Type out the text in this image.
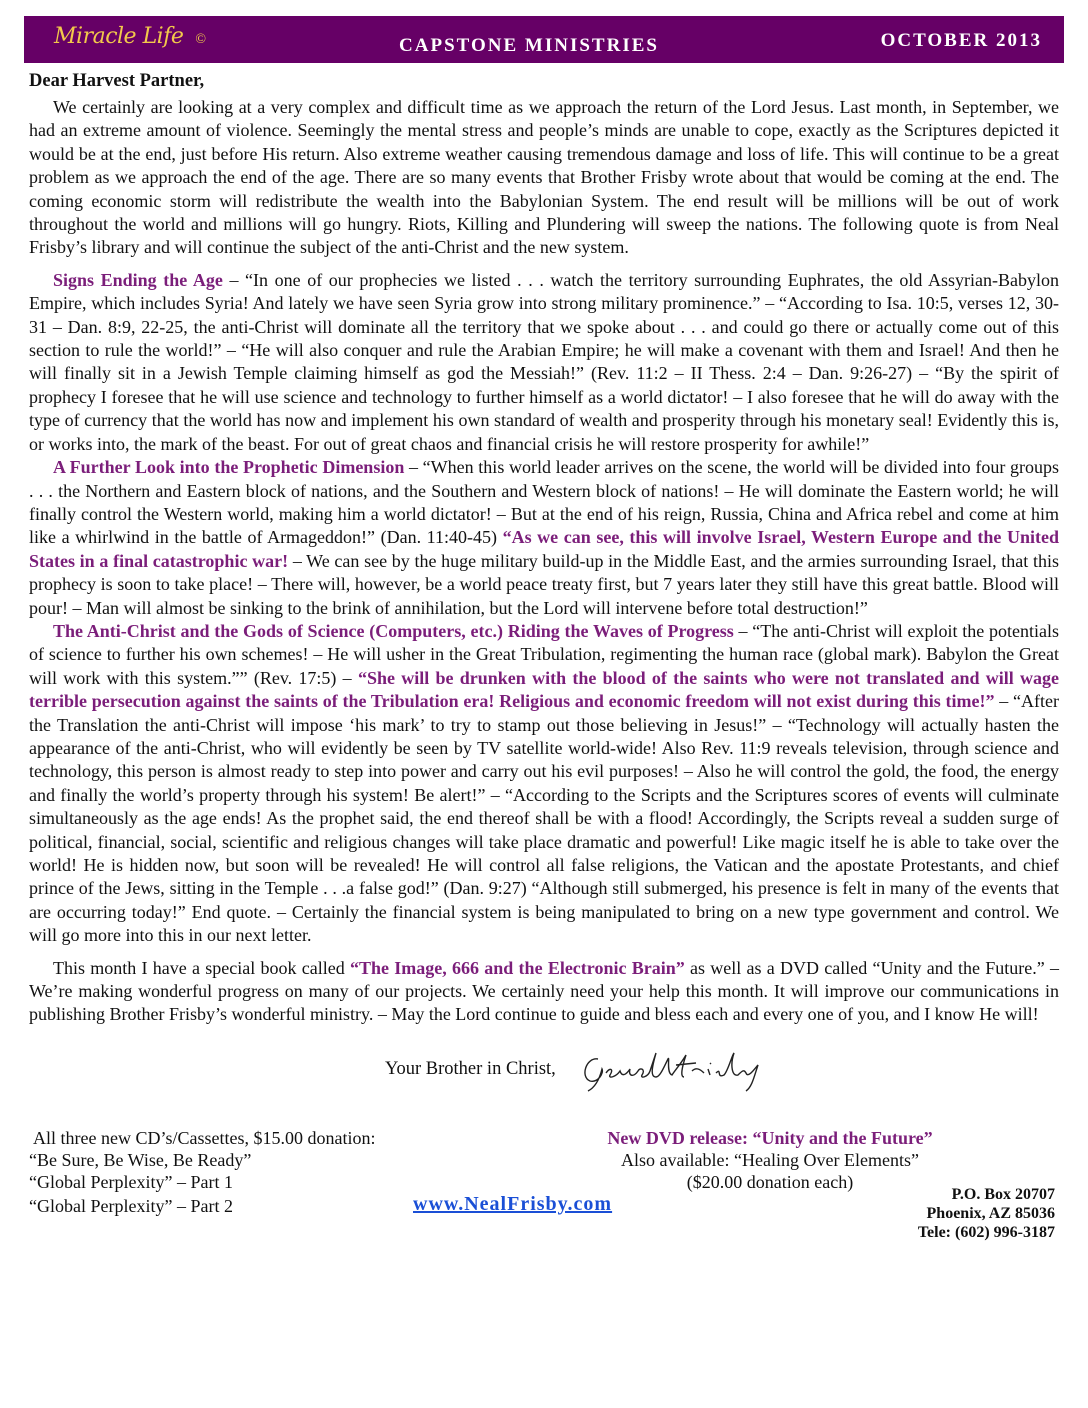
Miracle Life ©	CAPSTONE MINISTRIES	OCTOBER 2013
Dear Harvest Partner,

We certainly are looking at a very complex and difficult time as we approach the return of the Lord Jesus. Last month, in September, we had an extreme amount of violence. Seemingly the mental stress and people’s minds are unable to cope, exactly as the Scriptures depicted it would be at the end, just before His return. Also extreme weather causing tremendous damage and loss of life. This will continue to be a great problem as we approach the end of the age. There are so many events that Brother Frisby wrote about that would be coming at the end. The coming economic storm will redistribute the wealth into the Babylonian System. The end result will be millions will be out of work throughout the world and millions will go hungry. Riots, Killing and Plundering will sweep the nations. The following quote is from Neal Frisby’s library and will continue the subject of the anti-Christ and the new system.

Signs Ending the Age – “In one of our prophecies we listed . . . watch the territory surrounding Euphrates, the old Assyrian-Babylon Empire, which includes Syria! And lately we have seen Syria grow into strong military prominence.” – “According to Isa. 10:5, verses 12, 30-31 – Dan. 8:9, 22-25, the anti-Christ will dominate all the territory that we spoke about . . . and could go there or actually come out of this section to rule the world!” – “He will also conquer and rule the Arabian Empire; he will make a covenant with them and Israel! And then he will finally sit in a Jewish Temple claiming himself as god the Messiah!” (Rev. 11:2 – II Thess. 2:4 – Dan. 9:26-27) – “By the spirit of prophecy I foresee that he will use science and technology to further himself as a world dictator! – I also foresee that he will do away with the type of currency that the world has now and implement his own standard of wealth and prosperity through his monetary seal! Evidently this is, or works into, the mark of the beast. For out of great chaos and financial crisis he will restore prosperity for awhile!”

A Further Look into the Prophetic Dimension – “When this world leader arrives on the scene, the world will be divided into four groups . . . the Northern and Eastern block of nations, and the Southern and Western block of nations! – He will dominate the Eastern world; he will finally control the Western world, making him a world dictator! – But at the end of his reign, Russia, China and Africa rebel and come at him like a whirlwind in the battle of Armageddon!” (Dan. 11:40-45) “As we can see, this will involve Israel, Western Europe and the United States in a final catastrophic war! – We can see by the huge military build-up in the Middle East, and the armies surrounding Israel, that this prophecy is soon to take place! – There will, however, be a world peace treaty first, but 7 years later they still have this great battle. Blood will pour! – Man will almost be sinking to the brink of annihilation, but the Lord will intervene before total destruction!”

The Anti-Christ and the Gods of Science (Computers, etc.) Riding the Waves of Progress – “The anti-Christ will exploit the potentials of science to further his own schemes! – He will usher in the Great Tribulation, regimenting the human race (global mark). Babylon the Great will work with this system.”” (Rev. 17:5) – “She will be drunken with the blood of the saints who were not translated and will wage terrible persecution against the saints of the Tribulation era! Religious and economic freedom will not exist during this time!” – “After the Translation the anti-Christ will impose ‘his mark’ to try to stamp out those believing in Jesus!” – “Technology will actually hasten the appearance of the anti-Christ, who will evidently be seen by TV satellite world-wide! Also Rev. 11:9 reveals television, through science and technology, this person is almost ready to step into power and carry out his evil purposes! – Also he will control the gold, the food, the energy and finally the world’s property through his system! Be alert!” – “According to the Scripts and the Scriptures scores of events will culminate simultaneously as the age ends! As the prophet said, the end thereof shall be with a flood! Accordingly, the Scripts reveal a sudden surge of political, financial, social, scientific and religious changes will take place dramatic and powerful! Like magic itself he is able to take over the world! He is hidden now, but soon will be revealed! He will control all false religions, the Vatican and the apostate Protestants, and chief prince of the Jews, sitting in the Temple . . .a false god!” (Dan. 9:27) “Although still submerged, his presence is felt in many of the events that are occurring today!” End quote. – Certainly the financial system is being manipulated to bring on a new type government and control. We will go more into this in our next letter.

This month I have a special book called “The Image, 666 and the Electronic Brain” as well as a DVD called “Unity and the Future.” – We’re making wonderful progress on many of our projects. We certainly need your help this month. It will improve our communications in publishing Brother Frisby’s wonderful ministry. – May the Lord continue to guide and bless each and every one of you, and I know He will!

Your Brother in Christ,
All three new CD’s/Cassettes, $15.00 donation:
“Be Sure, Be Wise, Be Ready”
“Global Perplexity” – Part 1
“Global Perplexity” – Part 2
New DVD release: “Unity and the Future”
Also available: “Healing Over Elements”
($20.00 donation each)
www.NealFrisby.com	P.O. Box 20707
Phoenix, AZ 85036
Tele: (602) 996-3187
